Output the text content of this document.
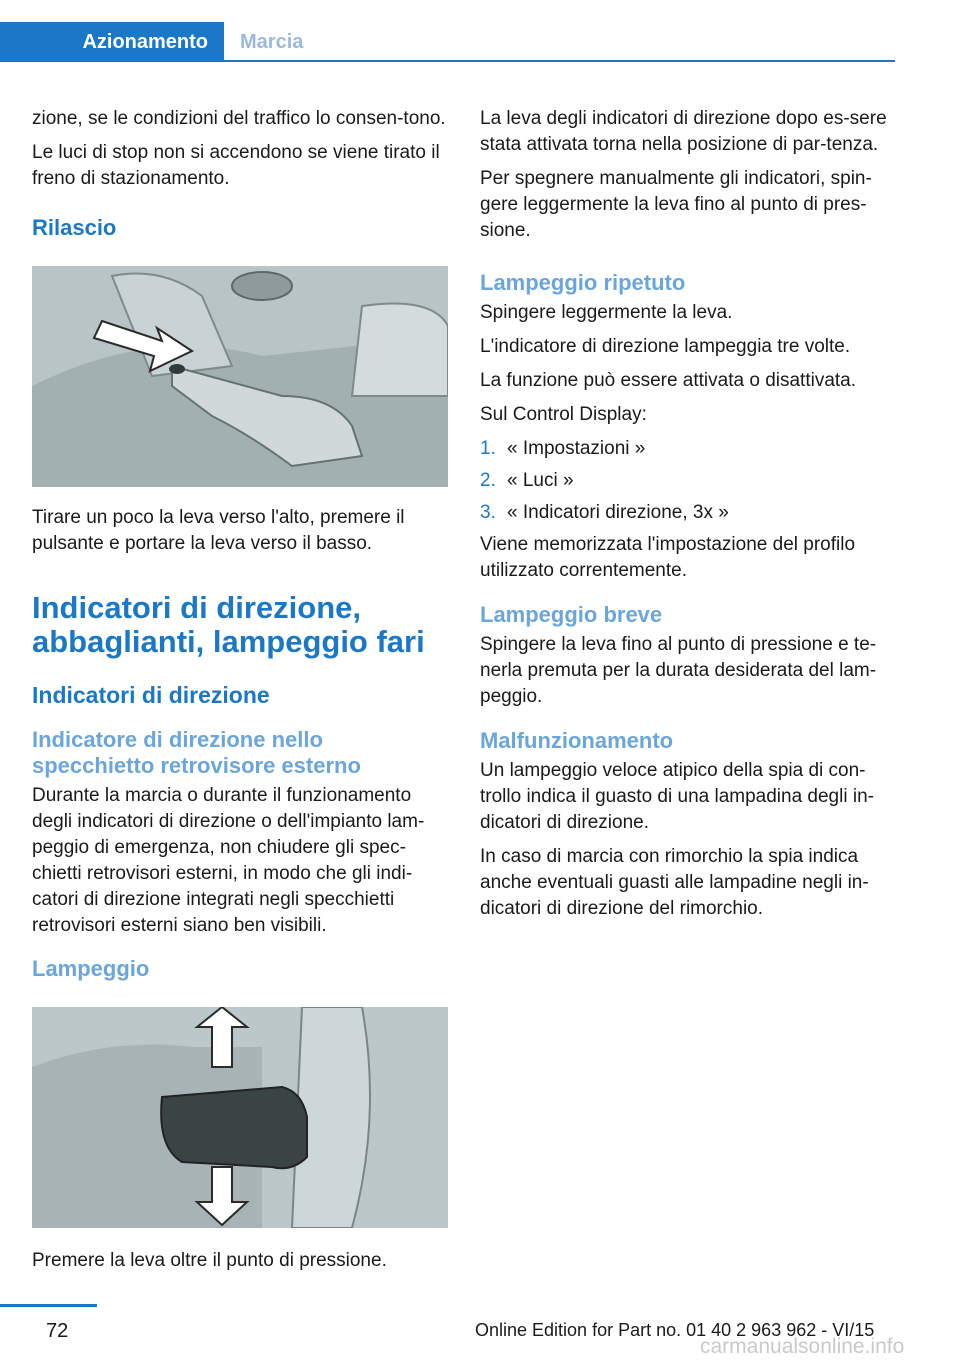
Azionamento	Marcia

zione, se le condizioni del traffico lo consen-tono.

Le luci di stop non si accendono se viene tirato il freno di stazionamento.

Rilascio

Tirare un poco la leva verso l'alto, premere il pulsante e portare la leva verso il basso.

Indicatori di direzione, abbaglianti, lampeggio fari
Indicatori di direzione
Indicatore di direzione nello specchietto retrovisore esterno

Durante la marcia o durante il funzionamento degli indicatori di direzione o dell'impianto lam-peggio di emergenza, non chiudere gli spec-chietti retrovisori esterni, in modo che gli indi-catori di direzione integrati negli specchietti retrovisori esterni siano ben visibili.

Lampeggio

Premere la leva oltre il punto di pressione.

La leva degli indicatori di direzione dopo es-sere stata attivata torna nella posizione di par-tenza.

Per spegnere manualmente gli indicatori, spin-gere leggermente la leva fino al punto di pres-sione.

Lampeggio ripetuto

Spingere leggermente la leva.

L'indicatore di direzione lampeggia tre volte.

La funzione può essere attivata o disattivata.

Sul Control Display:

1. « Impostazioni »
2. « Luci »
3. « Indicatori direzione, 3x »

Viene memorizzata l'impostazione del profilo utilizzato correntemente.

Lampeggio breve

Spingere la leva fino al punto di pressione e te-nerla premuta per la durata desiderata del lam-peggio.

Malfunzionamento

Un lampeggio veloce atipico della spia di con-trollo indica il guasto di una lampadina degli in-dicatori di direzione.

In caso di marcia con rimorchio la spia indica anche eventuali guasti alle lampadine negli in-dicatori di direzione del rimorchio.

72	Online Edition for Part no. 01 40 2 963 962 - VI/15
carmanualsonline.info
